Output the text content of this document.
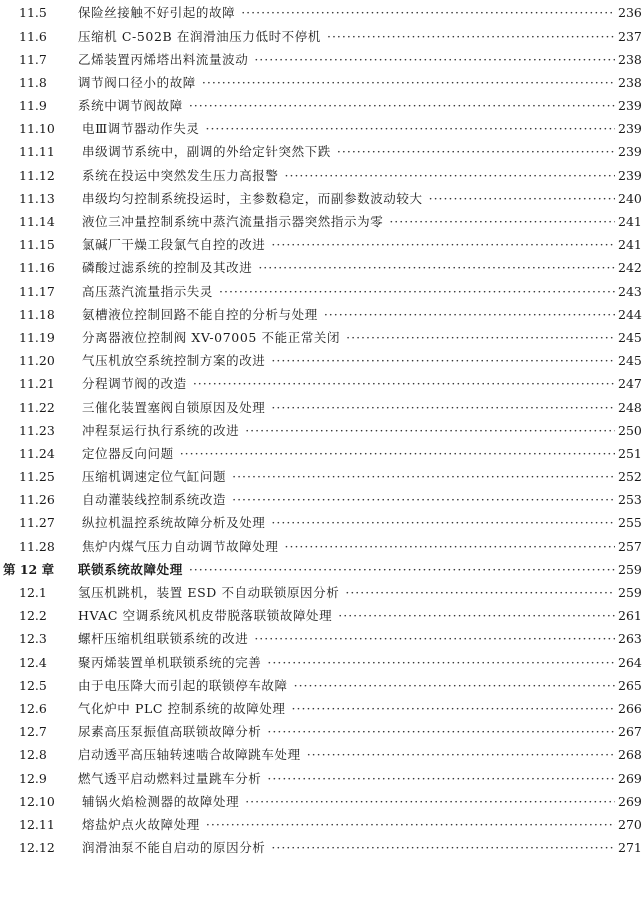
11.5	保险丝接触不好引起的故障 ·····	236
11.6	压缩机 C-502B 在润滑油压力低时不停机 ·····	237
11.7	乙烯装置丙烯塔出料流量波动 ·····	238
11.8	调节阀口径小的故障 ·····	238
11.9	系统中调节阀故障 ·····	239
11.10	电Ⅲ调节器动作失灵 ·····	239
11.11	串级调节系统中，副调的外给定针突然下跌 ·····	239
11.12	系统在投运中突然发生压力高报警 ·····	239
11.13	串级均匀控制系统投运时，主参数稳定，而副参数波动较大 ·····	240
11.14	液位三冲量控制系统中蒸汽流量指示器突然指示为零 ·····	241
11.15	氯碱厂干燥工段氯气自控的改进 ·····	241
11.16	磷酸过滤系统的控制及其改进 ·····	242
11.17	高压蒸汽流量指示失灵 ·····	243
11.18	氨槽液位控制回路不能自控的分析与处理 ·····	244
11.19	分离器液位控制阀 XV-07005 不能正常关闭 ·····	245
11.20	气压机放空系统控制方案的改进 ·····	245
11.21	分程调节阀的改造 ·····	247
11.22	三催化装置塞阀自锁原因及处理 ·····	248
11.23	冲程泵运行执行系统的改进 ·····	250
11.24	定位器反向问题 ·····	251
11.25	压缩机调速定位气缸问题 ·····	252
11.26	自动灌装线控制系统改造 ·····	253
11.27	纵拉机温控系统故障分析及处理 ·····	255
11.28	焦炉内煤气压力自动调节故障处理 ·····	257
第 12 章	联锁系统故障处理 ·····	259
12.1	氢压机跳机，装置 ESD 不自动联锁原因分析 ·····	259
12.2	HVAC 空调系统风机皮带脱落联锁故障处理 ·····	261
12.3	螺杆压缩机组联锁系统的改进 ·····	263
12.4	聚丙烯装置单机联锁系统的完善 ·····	264
12.5	由于电压降大而引起的联锁停车故障 ·····	265
12.6	气化炉中 PLC 控制系统的故障处理 ·····	266
12.7	尿素高压泵振值高联锁故障分析 ·····	267
12.8	启动透平高压轴转速啮合故障跳车处理 ·····	268
12.9	燃气透平启动燃料过量跳车分析 ·····	269
12.10	辅锅火焰检测器的故障处理 ·····	269
12.11	熔盐炉点火故障处理 ·····	270
12.12	润滑油泵不能自启动的原因分析 ·····	271
